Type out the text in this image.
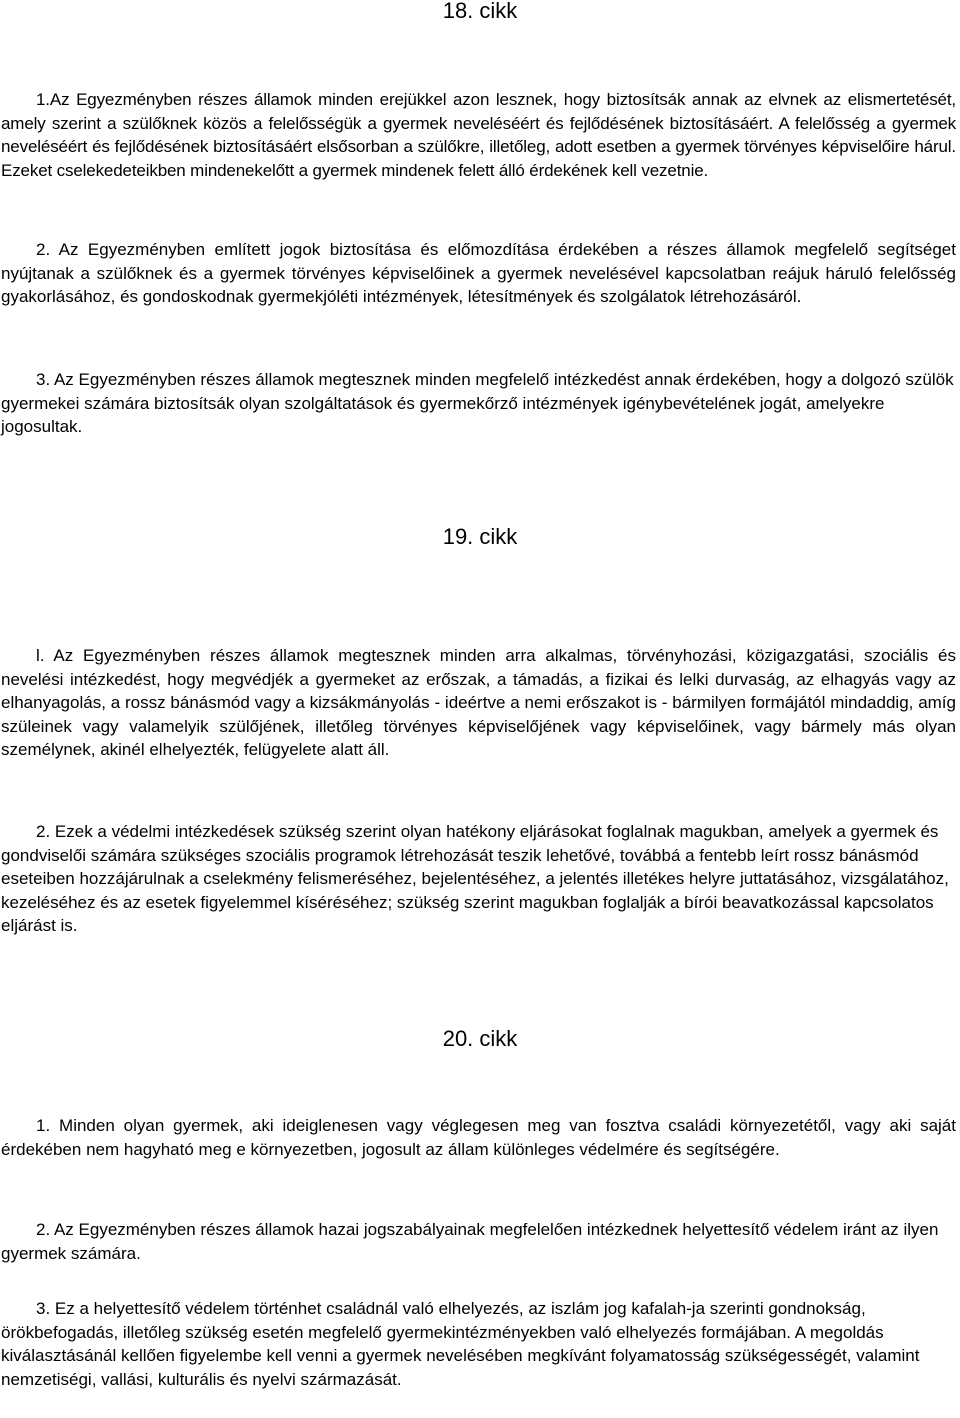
18. cikk

1.Az Egyezményben részes államok minden erejükkel azon lesznek, hogy biztosítsák annak az elvnek az elismertetését, amely szerint a szülőknek közös a felelősségük a gyermek neveléséért és fejlődésének biztosításáért. A felelősség a gyermek neveléséért és fejlődésének biztosításáért elsősorban a szülőkre, illetőleg, adott esetben a gyermek törvényes képviselőire hárul. Ezeket cselekedeteikben mindenekelőtt a gyermek mindenek felett álló érdekének kell vezetnie.

2. Az Egyezményben említett jogok biztosítása és előmozdítása érdekében a részes államok megfelelő segítséget nyújtanak a szülőknek és a gyermek törvényes képviselőinek a gyermek nevelésével kapcsolatban reájuk háruló felelősség gyakorlásához, és gondoskodnak gyermekjóléti intézmények, létesítmények és szolgálatok létrehozásáról.

3. Az Egyezményben részes államok megtesznek minden megfelelő intézkedést annak érdekében, hogy a dolgozó szülök gyermekei számára biztosítsák olyan szolgáltatások és gyermekőrző intézmények igénybevételének jogát, amelyekre jogosultak.

19. cikk

l. Az Egyezményben részes államok megtesznek minden arra alkalmas, törvényhozási, közigazgatási, szociális és nevelési intézkedést, hogy megvédjék a gyermeket az erőszak, a támadás, a fizikai és lelki durvaság, az elhagyás vagy az elhanyagolás, a rossz bánásmód vagy a kizsákmányolás - ideértve a nemi erőszakot is - bármilyen formájától mindaddig, amíg szüleinek vagy valamelyik szülőjének, illetőleg törvényes képviselőjének vagy képviselőinek, vagy bármely más olyan személynek, akinél elhelyezték, felügyelete alatt áll.

2. Ezek a védelmi intézkedések szükség szerint olyan hatékony eljárásokat foglalnak magukban, amelyek a gyermek és gondviselői számára szükséges szociális programok létrehozását teszik lehetővé, továbbá a fentebb leírt rossz bánásmód eseteiben hozzájárulnak a cselekmény felismeréséhez, bejelentéséhez, a jelentés illetékes helyre juttatásához, vizsgálatához, kezeléséhez és az esetek figyelemmel kíséréséhez; szükség szerint magukban foglalják a bírói beavatkozással kapcsolatos eljárást is.

20. cikk

1. Minden olyan gyermek, aki ideiglenesen vagy véglegesen meg van fosztva családi környezetétől, vagy aki saját érdekében nem hagyható meg e környezetben, jogosult az állam különleges védelmére és segítségére.

2. Az Egyezményben részes államok hazai jogszabályainak megfelelően intézkednek helyettesítő védelem iránt az ilyen gyermek számára.

3. Ez a helyettesítő védelem történhet családnál való elhelyezés, az iszlám jog kafalah-ja szerinti gondnokság, örökbefogadás, illetőleg szükség esetén megfelelő gyermekintézményekben való elhelyezés formájában. A megoldás kiválasztásánál kellően figyelembe kell venni a gyermek nevelésében megkívánt folyamatosság szükségességét, valamint nemzetiségi, vallási, kulturális és nyelvi származását.
